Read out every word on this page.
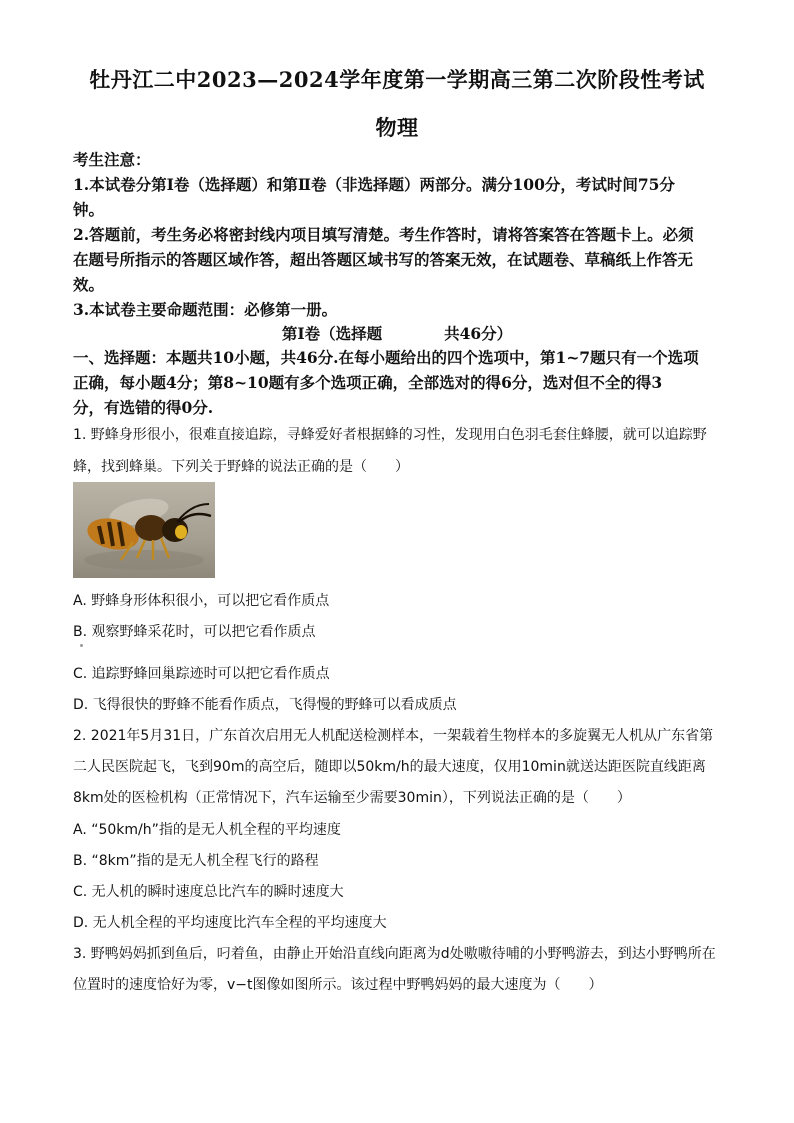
牡丹江二中2023—2024学年度第一学期高三第二次阶段性考试
物理
考生注意：
1.本试卷分第Ⅰ卷（选择题）和第Ⅱ卷（非选择题）两部分。满分100分，考试时间75分
钟。
2.答题前，考生务必将密封线内项目填写清楚。考生作答时，请将答案答在答题卡上。必须
在题号所指示的答题区域作答，超出答题区域书写的答案无效，在试题卷、草稿纸上作答无
效。
3.本试卷主要命题范围：必修第一册。
第Ⅰ卷（选择题　　　　共46分）
一、选择题：本题共10小题，共46分.在每小题给出的四个选项中，第1~7题只有一个选项
正确，每小题4分；第8~10题有多个选项正确，全部选对的得6分，选对但不全的得3
分，有选错的得0分.
1. 野蜂身形很小，很难直接追踪，寻蜂爱好者根据蜂的习性，发现用白色羽毛套住蜂腰，就可以追踪野
蜂，找到蜂巢。下列关于野蜂的说法正确的是（　　）
A. 野蜂身形体积很小，可以把它看作质点
B. 观察野蜂采花时，可以把它看作质点
C. 追踪野蜂回巢踪迹时可以把它看作质点
D. 飞得很快的野蜂不能看作质点，飞得慢的野蜂可以看成质点
2. 2021年5月31日，广东首次启用无人机配送检测样本，一架载着生物样本的多旋翼无人机从广东省第
二人民医院起飞，飞到90m的高空后，随即以50km/h的最大速度，仅用10min就送达距医院直线距离
8km处的医检机构（正常情况下，汽车运输至少需要30min），下列说法正确的是（　　）
A. “50km/h”指的是无人机全程的平均速度
B. “8km”指的是无人机全程飞行的路程
C. 无人机的瞬时速度总比汽车的瞬时速度大
D. 无人机全程的平均速度比汽车全程的平均速度大
3. 野鸭妈妈抓到鱼后，叼着鱼，由静止开始沿直线向距离为d处嗷嗷待哺的小野鸭游去，到达小野鸭所在
位置时的速度恰好为零，v−t图像如图所示。该过程中野鸭妈妈的最大速度为（　　）
